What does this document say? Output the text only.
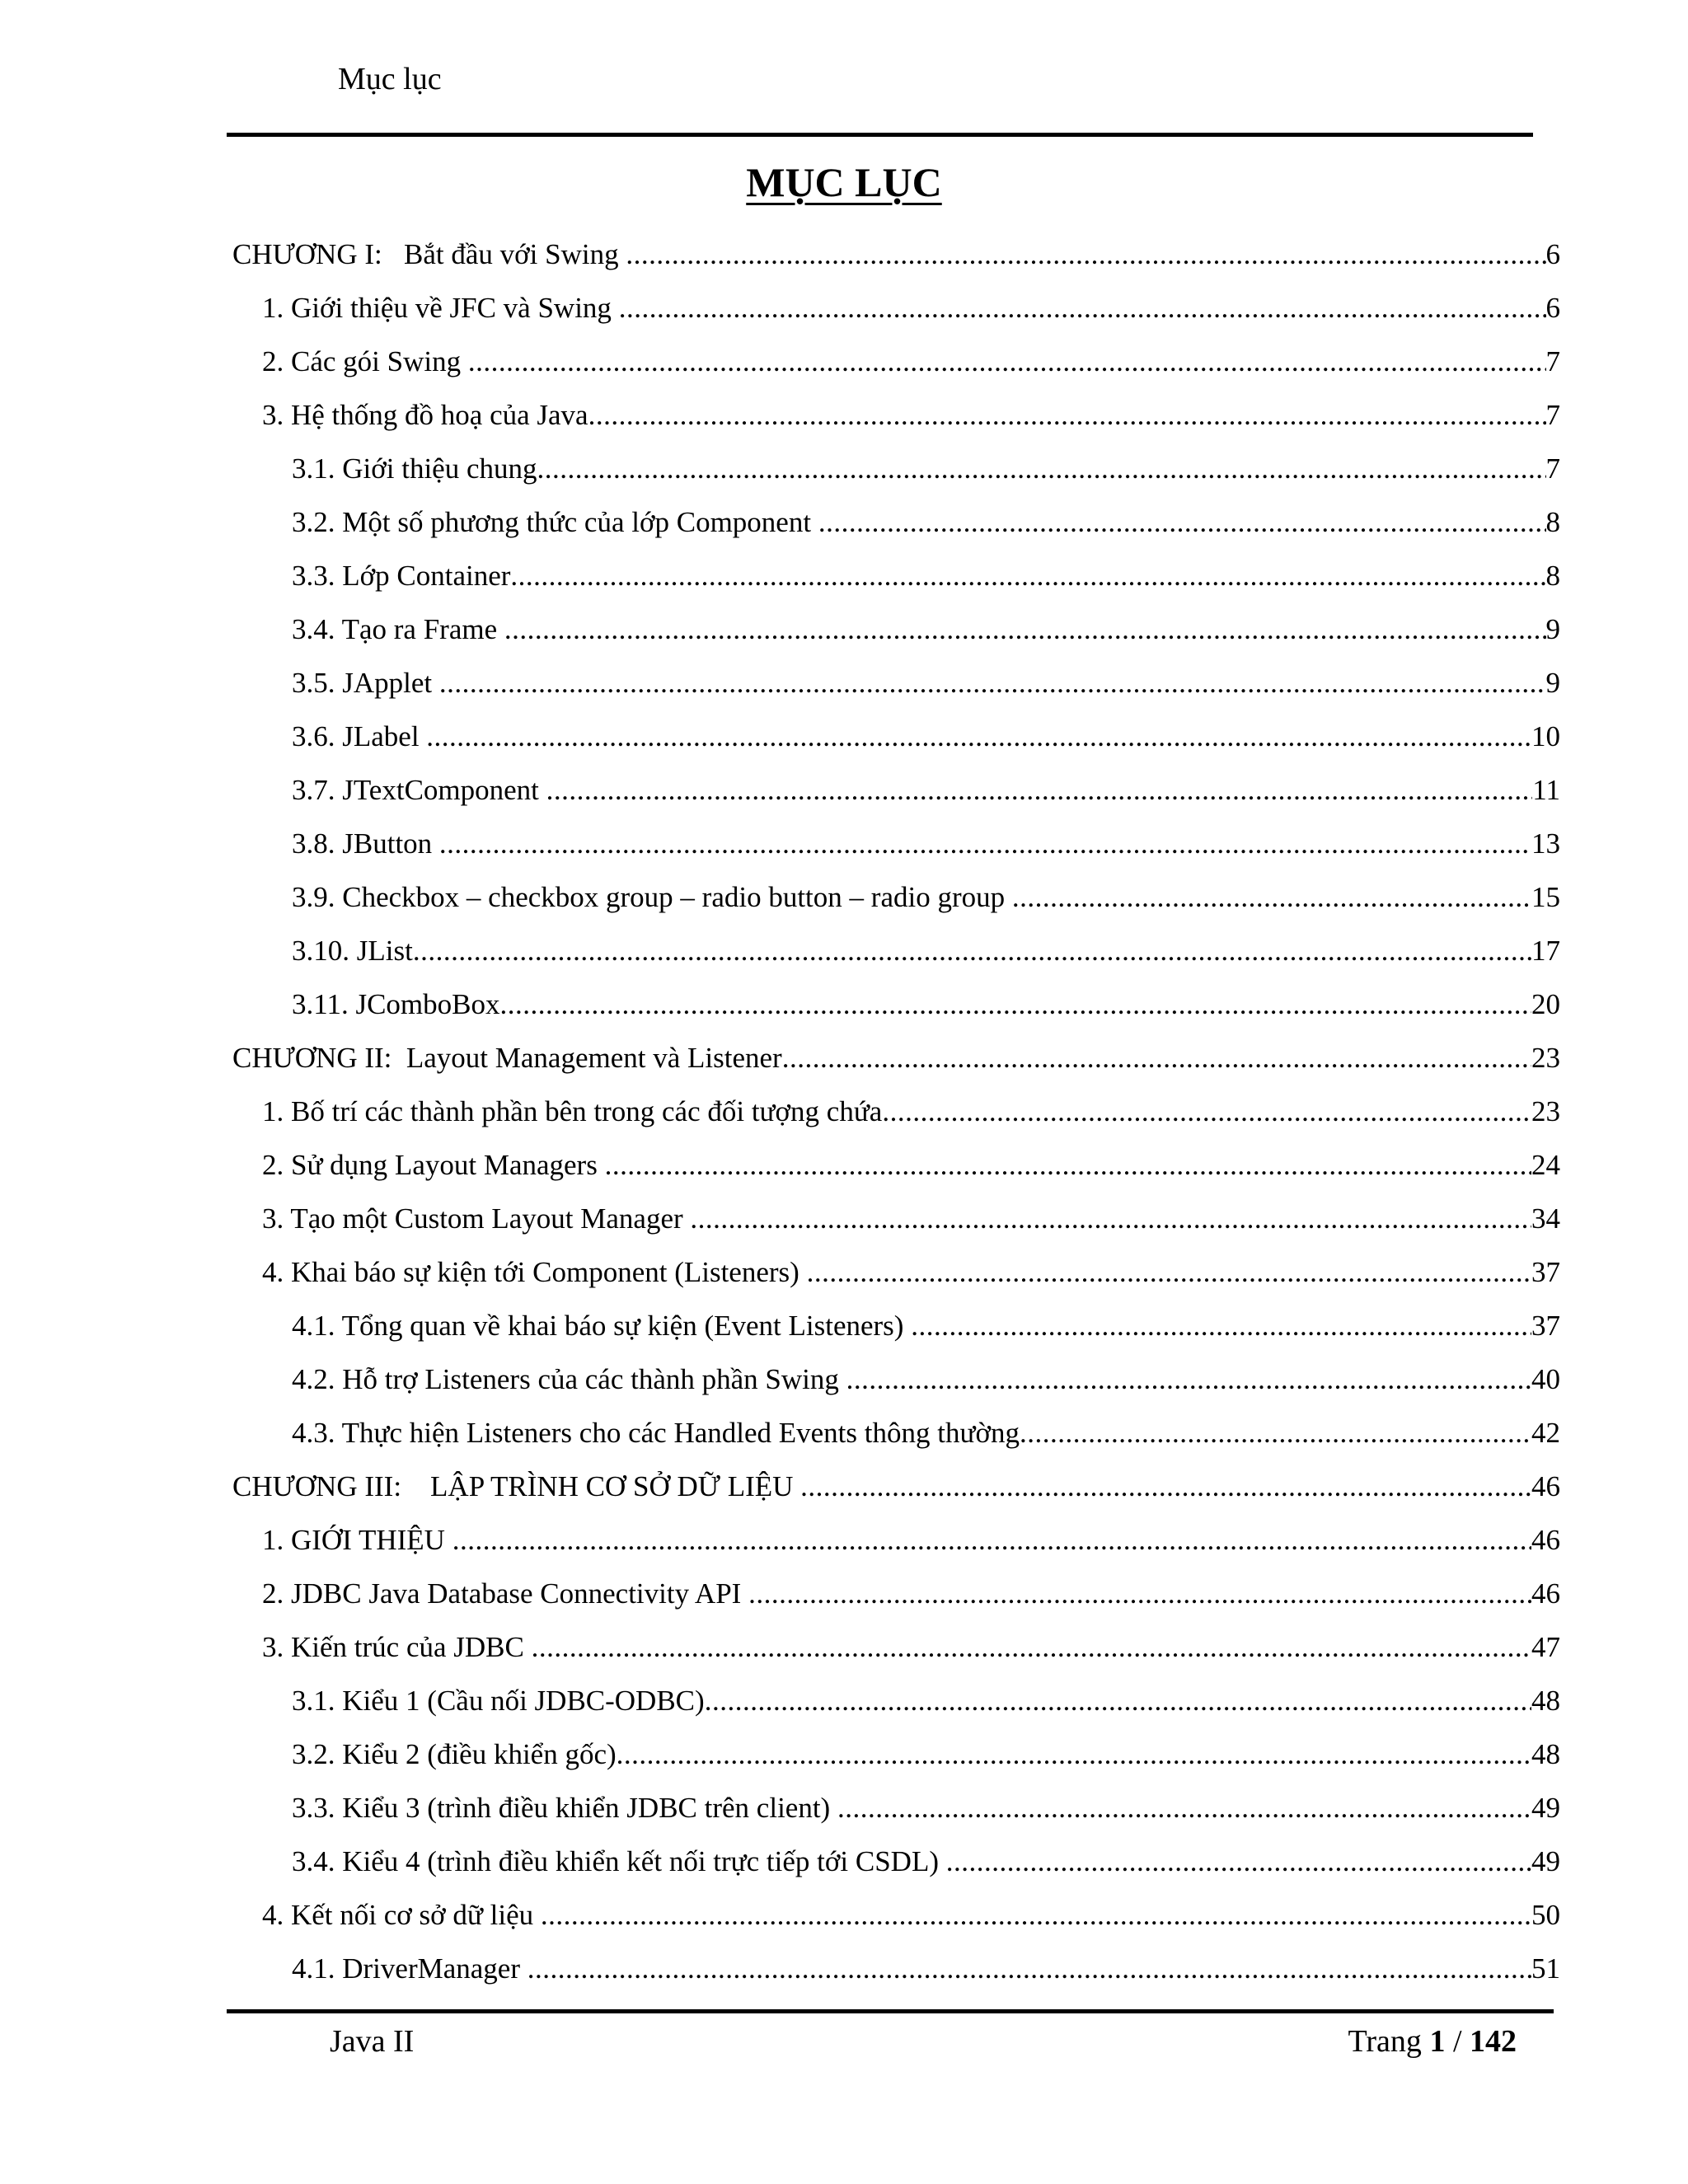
Mục lục
MỤC LỤC
CHƯƠNG I:   Bắt đầu với Swing .....	6
1. Giới thiệu về JFC và Swing .....	6
2. Các gói Swing .....	7
3. Hệ thống đồ hoạ của Java .....	7
3.1. Giới thiệu chung .....	7
3.2. Một số phương thức của lớp Component .....	8
3.3. Lớp Container .....	8
3.4. Tạo ra Frame .....	9
3.5. JApplet .....	9
3.6. JLabel .....	10
3.7. JTextComponent .....	11
3.8. JButton .....	13
3.9. Checkbox – checkbox group – radio button – radio group .....	15
3.10. JList .....	17
3.11. JComboBox .....	20
CHƯƠNG II:  Layout Management và Listener .....	23
1. Bố trí các thành phần bên trong các đối tượng chứa .....	23
2. Sử dụng Layout Managers .....	24
3. Tạo một Custom Layout Manager .....	34
4. Khai báo sự kiện tới Component (Listeners) .....	37
4.1. Tổng quan về khai báo sự kiện (Event Listeners) .....	37
4.2. Hỗ trợ Listeners của các thành phần Swing .....	40
4.3. Thực hiện Listeners cho các Handled Events thông thường .....	42
CHƯƠNG III:    LẬP TRÌNH CƠ SỞ DỮ LIỆU .....	46
1. GIỚI THIỆU .....	46
2. JDBC Java Database Connectivity API .....	46
3. Kiến trúc của JDBC .....	47
3.1. Kiểu 1 (Cầu nối JDBC-ODBC) .....	48
3.2. Kiểu 2 (điều khiển gốc) .....	48
3.3. Kiểu 3 (trình điều khiển JDBC trên client) .....	49
3.4. Kiểu 4 (trình điều khiển kết nối trực tiếp tới CSDL) .....	49
4. Kết nối cơ sở dữ liệu .....	50
4.1. DriverManager .....	51
Java II	Trang 1 / 142
